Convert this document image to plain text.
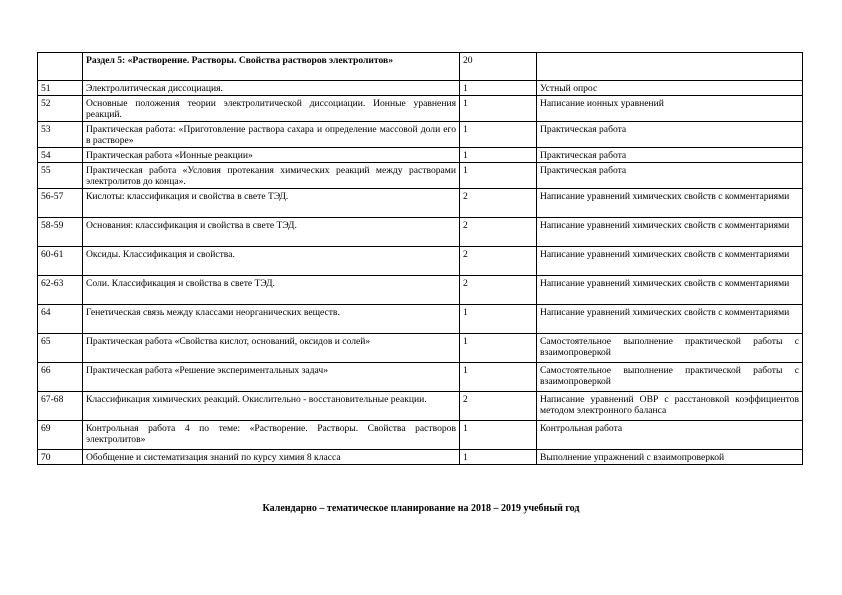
	Раздел 5: «Растворение. Растворы. Свойства растворов электролитов»	20	
51	Электролитическая диссоциация.	1	Устный опрос
52	Основные положения теории электролитической диссоциации. Ионные уравнения реакций.	1	Написание ионных уравнений
53	Практическая работа: «Приготовление раствора сахара и определение массовой доли его в растворе»	1	Практическая работа
54	Практическая работа «Ионные реакции»	1	Практическая работа
55	Практическая работа «Условия протекания химических реакций между растворами электролитов до конца».	1	Практическая работа
56-57	Кислоты: классификация и свойства в свете ТЭД.	2	Написание уравнений химических свойств с комментариями
58-59	Основания: классификация и свойства в свете ТЭД.	2	Написание уравнений химических свойств с комментариями
60-61	Оксиды. Классификация и свойства.	2	Написание уравнений химических свойств с комментариями
62-63	Соли. Классификация и свойства в свете ТЭД.	2	Написание уравнений химических свойств с комментариями
64	Генетическая связь между классами неорганических веществ.	1	Написание уравнений химических свойств с комментариями
65	Практическая работа «Свойства кислот, оснований, оксидов и солей»	1	Самостоятельное выполнение практической работы с взаимопроверкой
66	Практическая работа «Решение экспериментальных задач»	1	Самостоятельное выполнение практической работы с взаимопроверкой
67-68	Классификация химических реакций. Окислительно - восстановительные реакции.	2	Написание уравнений ОВР с расстановкой коэффициентов методом электронного баланса
69	Контрольная работа 4 по теме: «Растворение. Растворы. Свойства растворов электролитов»	1	Контрольная работа
70	Обобщение и систематизация знаний по курсу химия 8 класса	1	Выполнение упражнений с взаимопроверкой
Календарно – тематическое планирование на 2018 – 2019 учебный год
